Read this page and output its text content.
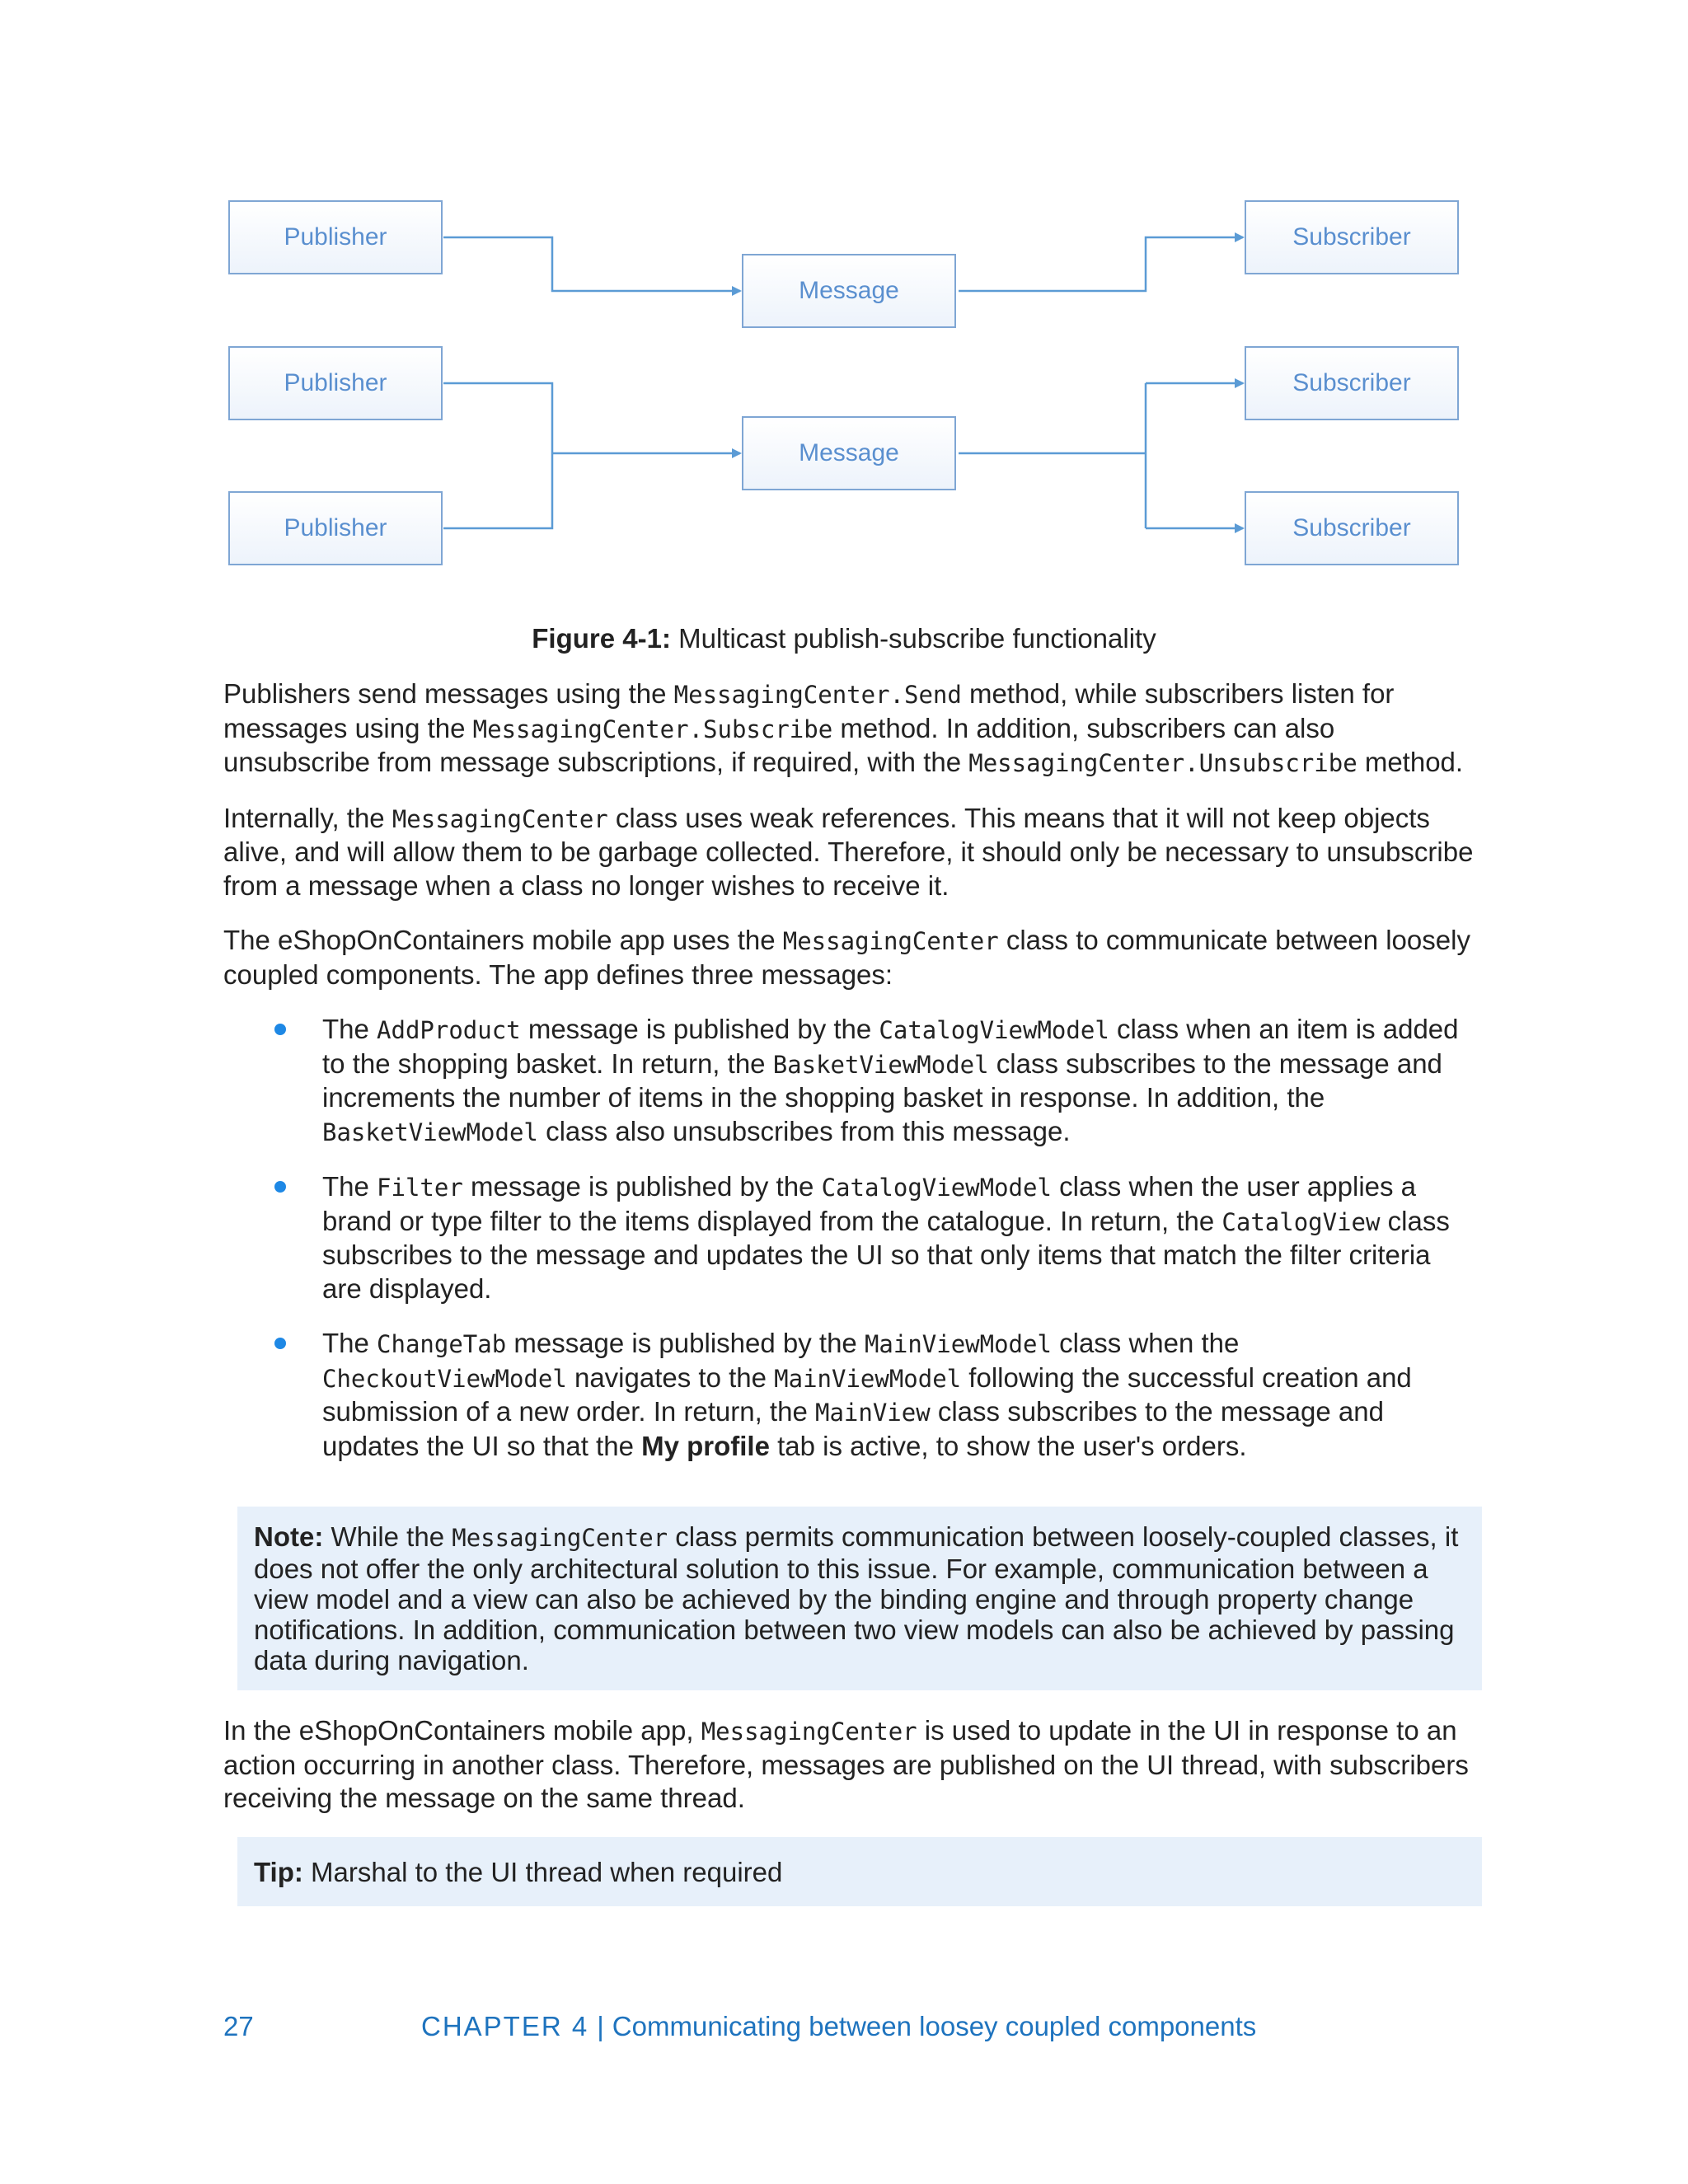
Publisher
Publisher
Publisher
Message
Message
Subscriber
Subscriber
Subscriber
Figure 4-1: Multicast publish-subscribe functionality

Publishers send messages using the MessagingCenter.Send method, while subscribers listen for messages using the MessagingCenter.Subscribe method. In addition, subscribers can also unsubscribe from message subscriptions, if required, with the MessagingCenter.Unsubscribe method.

Internally, the MessagingCenter class uses weak references. This means that it will not keep objects alive, and will allow them to be garbage collected. Therefore, it should only be necessary to unsubscribe from a message when a class no longer wishes to receive it.

The eShopOnContainers mobile app uses the MessagingCenter class to communicate between loosely coupled components. The app defines three messages:

The AddProduct message is published by the CatalogViewModel class when an item is added to the shopping basket. In return, the BasketViewModel class subscribes to the message and increments the number of items in the shopping basket in response. In addition, the BasketViewModel class also unsubscribes from this message.
The Filter message is published by the CatalogViewModel class when the user applies a brand or type filter to the items displayed from the catalogue. In return, the CatalogView class subscribes to the message and updates the UI so that only items that match the filter criteria are displayed.
The ChangeTab message is published by the MainViewModel class when the CheckoutViewModel navigates to the MainViewModel following the successful creation and submission of a new order. In return, the MainView class subscribes to the message and updates the UI so that the My profile tab is active, to show the user's orders.
Note: While the MessagingCenter class permits communication between loosely-coupled classes, it does not offer the only architectural solution to this issue. For example, communication between a view model and a view can also be achieved by the binding engine and through property change notifications. In addition, communication between two view models can also be achieved by passing data during navigation.

In the eShopOnContainers mobile app, MessagingCenter is used to update in the UI in response to an action occurring in another class. Therefore, messages are published on the UI thread, with subscribers receiving the message on the same thread.

Tip: Marshal to the UI thread when required
27	CHAPTER 4 | Communicating between loosey coupled components
